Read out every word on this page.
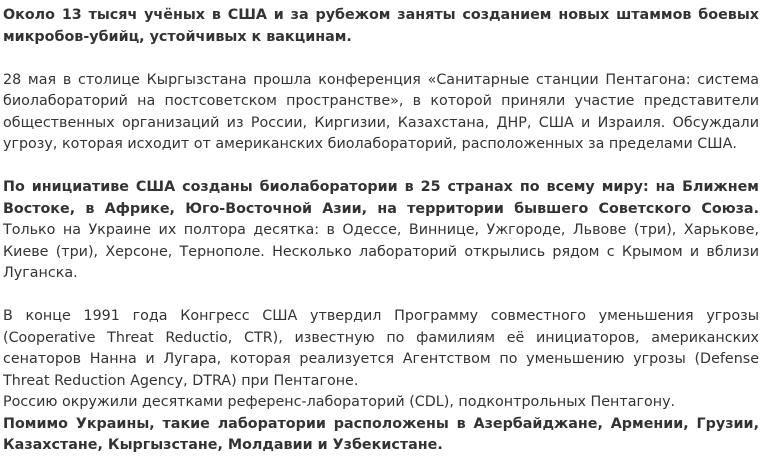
Около 13 тысяч учёных в США и за рубежом заняты созданием новых штаммов боевых микробов-убийц, устойчивых к вакцинам.

28 мая в столице Кыргызстана прошла конференция «Санитарные станции Пентагона: система биолабораторий на постсоветском пространстве», в которой приняли участие представители общественных организаций из России, Киргизии, Казахстана, ДНР, США и Израиля. Обсуждали угрозу, которая исходит от американских биолабораторий, расположенных за пределами США.

По инициативе США созданы биолаборатории в 25 странах по всему миру: на Ближнем Востоке, в Африке, Юго-Восточной Азии, на территории бывшего Советского Союза. Только на Украине их полтора десятка: в Одессе, Виннице, Ужгороде, Львове (три), Харькове, Киеве (три), Херсоне, Тернополе. Несколько лабораторий открылись рядом с Крымом и вблизи Луганска.

В конце 1991 года Конгресс США утвердил Программу совместного уменьшения угрозы (Cooperative Threat Reductio, CTR), известную по фамилиям её инициаторов, американских сенаторов Нанна и Лугара, которая реализуется Агентством по уменьшению угрозы (Defense Threat Reduction Agency, DTRA) при Пентагоне.

Россию окружили десятками референс-лабораторий (CDL), подконтрольных Пентагону.

Помимо Украины, такие лаборатории расположены в Азербайджане, Армении, Грузии, Казахстане, Кыргызстане, Молдавии и Узбекистане.
